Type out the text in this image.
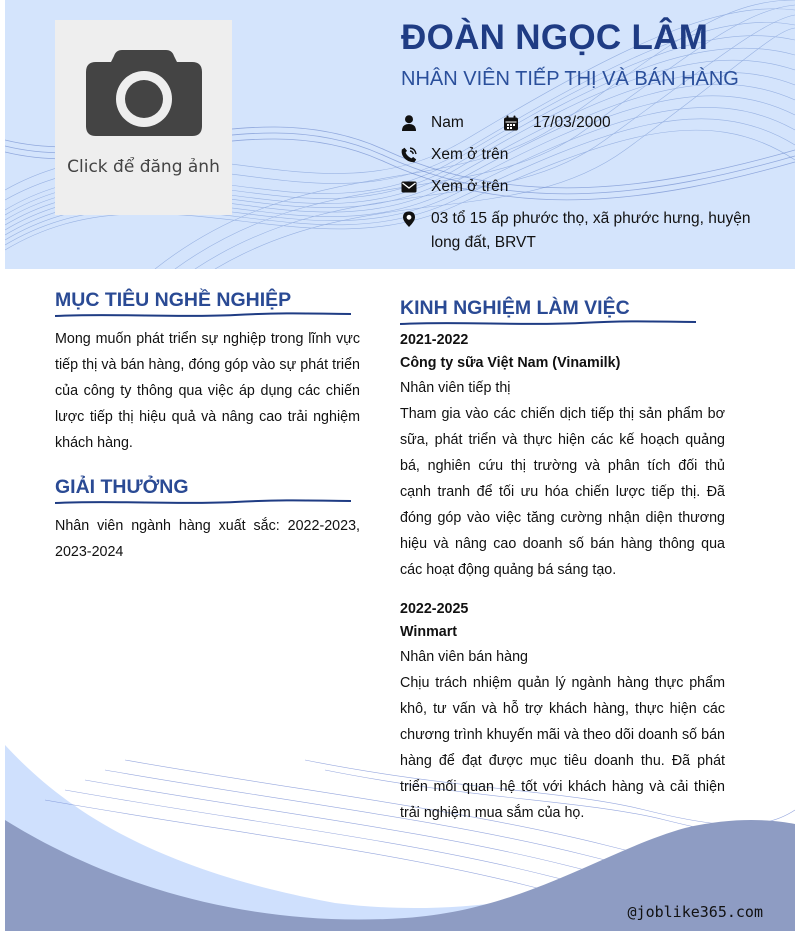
Click để đăng ảnh
ĐOÀN NGỌC LÂM
NHÂN VIÊN TIẾP THỊ VÀ BÁN HÀNG
Nam	17/03/2000
Xem ở trên
Xem ở trên
03 tổ 15 ấp phước thọ, xã phước hưng, huyện long đất, BRVT
MỤC TIÊU NGHỀ NGHIỆP
Mong muốn phát triển sự nghiệp trong lĩnh vực tiếp thị và bán hàng, đóng góp vào sự phát triển của công ty thông qua việc áp dụng các chiến lược tiếp thị hiệu quả và nâng cao trải nghiệm khách hàng.
GIẢI THƯỞNG
Nhân viên ngành hàng xuất sắc: 2022-2023, 2023-2024
KINH NGHIỆM LÀM VIỆC
2021-2022
Công ty sữa Việt Nam (Vinamilk)
Nhân viên tiếp thị
Tham gia vào các chiến dịch tiếp thị sản phẩm bơ sữa, phát triển và thực hiện các kế hoạch quảng bá, nghiên cứu thị trường và phân tích đối thủ cạnh tranh để tối ưu hóa chiến lược tiếp thị. Đã đóng góp vào việc tăng cường nhận diện thương hiệu và nâng cao doanh số bán hàng thông qua các hoạt động quảng bá sáng tạo.
2022-2025
Winmart
Nhân viên bán hàng
Chịu trách nhiệm quản lý ngành hàng thực phẩm khô, tư vấn và hỗ trợ khách hàng, thực hiện các chương trình khuyến mãi và theo dõi doanh số bán hàng để đạt được mục tiêu doanh thu. Đã phát triển mối quan hệ tốt với khách hàng và cải thiện trải nghiệm mua sắm của họ.
@joblike365.com
